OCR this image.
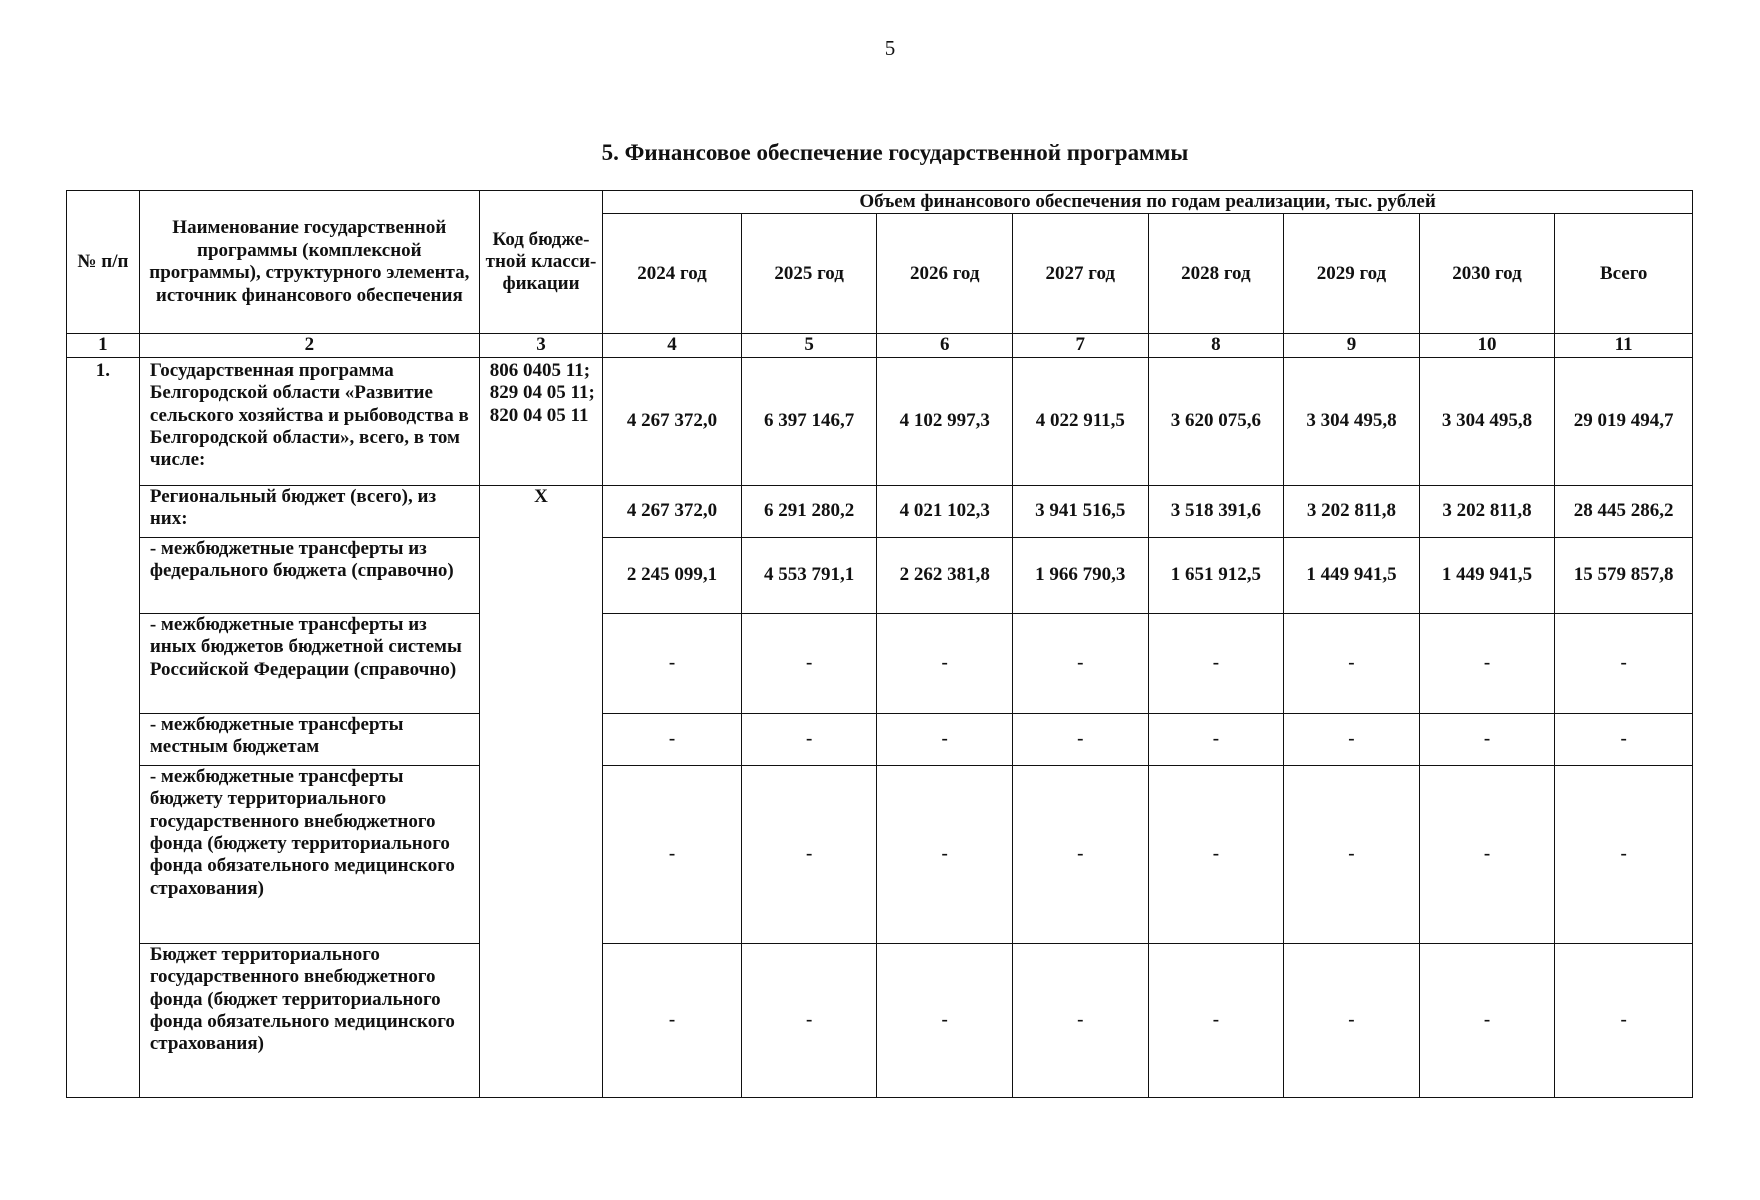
5
5. Финансовое обеспечение государственной программы
№ п/п	Наименование государственной программы (комплексной программы), структурного элемента, источник финансового обеспечения	Код бюдже-тной класси-фикации	Объем финансового обеспечения по годам реализации, тыс. рублей							
			2024 год	2025 год	2026 год	2027 год	2028 год	2029 год	2030 год	Всего
1	2	3	4	5	6	7	8	9	10	11
1.	Государственная программа Белгородской области «Развитие сельского хозяйства и рыбоводства в Белгородской области», всего, в том числе:	806 0405 11; 829 04 05 11; 820 04 05 11	4 267 372,0	6 397 146,7	4 102 997,3	4 022 911,5	3 620 075,6	3 304 495,8	3 304 495,8	29 019 494,7
	Региональный бюджет (всего), из них:	Х	4 267 372,0	6 291 280,2	4 021 102,3	3 941 516,5	3 518 391,6	3 202 811,8	3 202 811,8	28 445 286,2
	- межбюджетные трансферты из федерального бюджета (справочно)		2 245 099,1	4 553 791,1	2 262 381,8	1 966 790,3	1 651 912,5	1 449 941,5	1 449 941,5	15 579 857,8
	- межбюджетные трансферты из иных бюджетов бюджетной системы Российской Федерации (справочно)		-	-	-	-	-	-	-	-
	- межбюджетные трансферты местным бюджетам		-	-	-	-	-	-	-	-
	- межбюджетные трансферты бюджету территориального государственного внебюджетного фонда (бюджету территориального фонда обязательного медицинского страхования)		-	-	-	-	-	-	-	-
	Бюджет территориального государственного внебюджетного фонда (бюджет территориального фонда обязательного медицинского страхования)		-	-	-	-	-	-	-	-
